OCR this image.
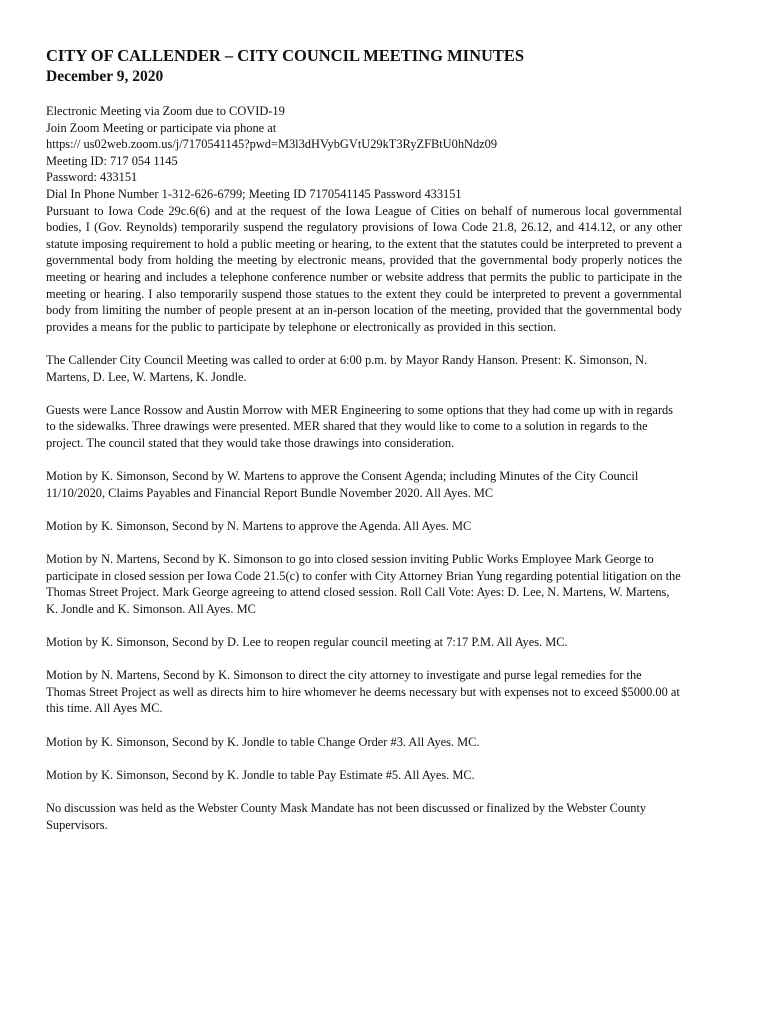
CITY OF CALLENDER – CITY COUNCIL MEETING MINUTES
December 9, 2020
Electronic Meeting via Zoom due to COVID-19
Join Zoom Meeting or participate via phone at
https:// us02web.zoom.us/j/7170541145?pwd=M3l3dHVybGVtU29kT3RyZFBtU0hNdz09
Meeting ID: 717 054 1145
Password: 433151
Dial In Phone Number 1-312-626-6799; Meeting ID 7170541145 Password 433151

Pursuant to Iowa Code 29c.6(6) and at the request of the Iowa League of Cities on behalf of numerous local governmental bodies, I (Gov. Reynolds) temporarily suspend the regulatory provisions of Iowa Code 21.8, 26.12, and 414.12, or any other statute imposing requirement to hold a public meeting or hearing, to the extent that the statutes could be interpreted to prevent a governmental body from holding the meeting by electronic means, provided that the governmental body properly notices the meeting or hearing and includes a telephone conference number or website address that permits the public to participate in the meeting or hearing. I also temporarily suspend those statues to the extent they could be interpreted to prevent a governmental body from limiting the number of people present at an in-person location of the meeting, provided that the governmental body provides a means for the public to participate by telephone or electronically as provided in this section.

The Callender City Council Meeting was called to order at 6:00 p.m. by Mayor Randy Hanson. Present: K. Simonson, N. Martens, D. Lee, W. Martens, K. Jondle.

Guests were Lance Rossow and Austin Morrow with MER Engineering to some options that they had come up with in regards to the sidewalks. Three drawings were presented. MER shared that they would like to come to a solution in regards to the project. The council stated that they would take those drawings into consideration.

Motion by K. Simonson, Second by W. Martens to approve the Consent Agenda; including Minutes of the City Council 11/10/2020, Claims Payables and Financial Report Bundle November 2020. All Ayes. MC

Motion by K. Simonson, Second by N. Martens to approve the Agenda. All Ayes. MC

Motion by N. Martens, Second by K. Simonson to go into closed session inviting Public Works Employee Mark George to participate in closed session per Iowa Code 21.5(c) to confer with City Attorney Brian Yung regarding potential litigation on the Thomas Street Project. Mark George agreeing to attend closed session. Roll Call Vote: Ayes: D. Lee, N. Martens, W. Martens, K. Jondle and K. Simonson. All Ayes. MC

Motion by K. Simonson, Second by D. Lee to reopen regular council meeting at 7:17 P.M. All Ayes. MC.

Motion by N. Martens, Second by K. Simonson to direct the city attorney to investigate and purse legal remedies for the Thomas Street Project as well as directs him to hire whomever he deems necessary but with expenses not to exceed $5000.00 at this time. All Ayes MC.

Motion by K. Simonson, Second by K. Jondle to table Change Order #3. All Ayes. MC.

Motion by K. Simonson, Second by K. Jondle to table Pay Estimate #5. All Ayes. MC.

No discussion was held as the Webster County Mask Mandate has not been discussed or finalized by the Webster County Supervisors.
